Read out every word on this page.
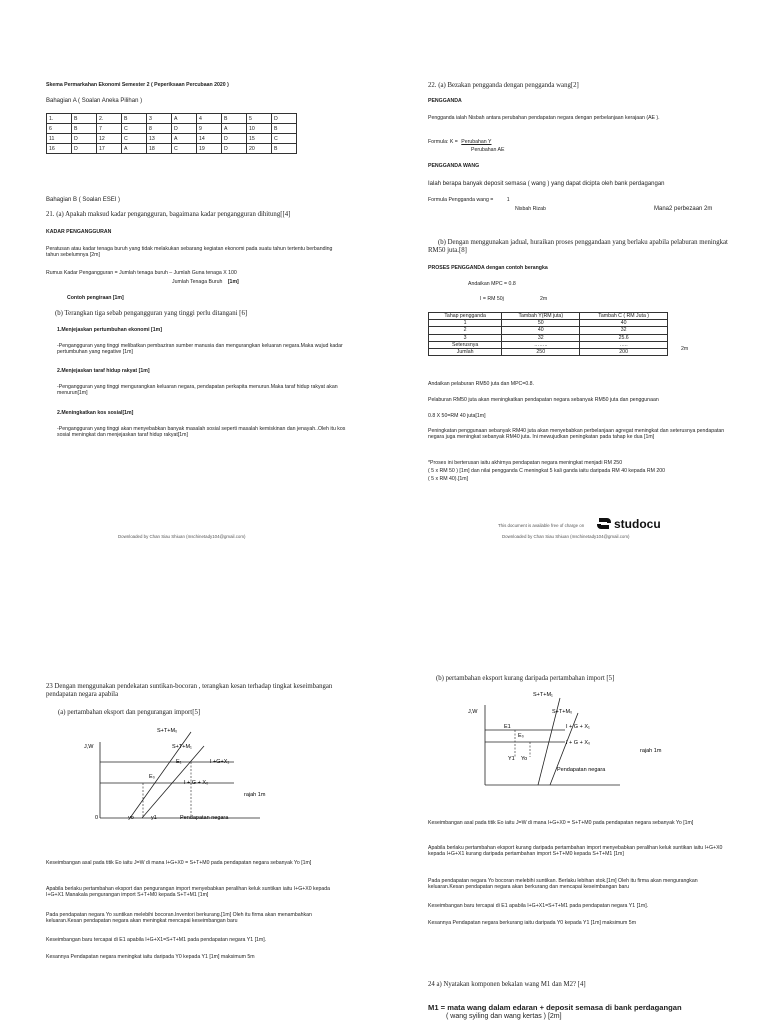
Skema Permarkahan Ekonomi Semester 2 ( Peperiksaan Percubaan 2020 )
Bahagian A ( Soalan Aneka Pilihan )
1.	B	2.	B	3	A	4	B	5	D
6	B	7	C	8	D	9	A	10	B
11	D	12	C	13	A	14	D	15	C
16	D	17	A	18	C	19	D	20	B
Bahagian B ( Soalan ESEI )
21. (a) Apakah maksud kadar pengangguran, bagaimana kadar pengangguran dihitung[[4]
KADAR PENGANGGURAN
Peratusan atau kadar tenaga buruh yang tidak melakukan sebarang kegiatan ekonomi pada suatu tahun tertentu berbanding tahun sebelumnya [2m]
Rumus Kadar Pengangguran = Jumlah tenaga buruh – Jumlah Guna tenaga X 100
Jumlah Tenaga Buruh [1m]
Contoh pengiraan [1m]
(b) Terangkan tiga sebab pengangguran yang tinggi perlu ditangani [6]
1.Menjejaskan pertumbuhan ekonomi [1m]
-Pengangguran yang tinggi melibatkan pembaziran sumber manusia dan mengurangkan keluaran negara.Maka wujud kadar pertumbuhan yang negative [1m]
2.Menjejaskan taraf hidup rakyat [1m]
-Pengangguran yang tinggi mengurangkan keluaran negara, pendapatan perkapita menurun.Maka taraf hidup rakyat akan menurun[1m]
2.Meningkatkan kos sosial[1m]
-Pengangguran yang tinggi akan menyebabkan banyak masalah sosial seperti masalah kemiskinan dan jenayah..Oleh itu kos sosial meningkat dan menjejaskan taraf hidup rakyat[1m]
Downloaded by Chan Siau Shiuan (mschinetady104@gmail.com)
22. (a) Bezakan pengganda dengan pengganda wang[2]
PENGGANDA
Pengganda ialah Nisbah antara perubahan pendapatan negara dengan perbelanjaan kerajaan (AE ).
Formula: K = Perubahan Y
Perubahan AE
PENGGANDA WANG
Ialah berapa banyak deposit semasa ( wang ) yang dapat dicipta oleh bank perdagangan
Formula Pengganda wang =	1
Nisbah Rizab	Mana2 perbezaan 2m
(b) Dengan menggunakan jadual, huraikan proses penggandaan yang berlaku apabila pelaburan meningkat RM50 juta.[8]
PROSES PENGGANDA dengan contoh berangka
Andaikan MPC = 0.8
I = RM 50j	2m
Tahap pengganda	Tambah Y(RM juta)	Tambah C ( RM Juta )
1	50	40
2	40	32
3	32	25.6
Seterusnya	……..	…..
Jumlah	250	200
2m
Andaikan pelaburan RM50 juta dan MPC=0.8.
Pelaburan RM50 juta akan meningkatkan pendapatan negara sebanyak RM50 juta dan penggunaan
0.8 X 50=RM 40 juta[1m]
Peningkatan penggunaan sebanyak RM40 juta akan menyebabkan perbelanjaan agregat meningkat dan seterusnya pendapatan negara juga meningkat sebanyak RM40 juta. Ini mewujudkan peningkatan pada tahap ke dua [1m]
*Proses ini berterusan iaitu akhirnya pendapatan negara meningkat menjadi RM 250
( 5 x RM 50 ) [1m] dan nilai pengganda C meningkat 5 kali ganda iaitu daripada RM 40 kepada RM 200
( 5 x RM 40).[1m]
This document is available free of charge on studocu
Downloaded by Chan Siau Shiuan (mschinetady104@gmail.com)
23 Dengan menggunakan pendekatan suntikan-bocoran , terangkan kesan terhadap tingkat keseimbangan pendapatan negara apabila
(a) pertambahan eksport dan pengurangan import[5]
S+T+M₀
J,W	S+T+M₁
E₁	I +G+X₁
E₀
I + G + X₀
rajah 1m
0	yo	y1	Pendapatan negara
Keseimbangan asal pada titik Eo iaitu J=W di mana I+G+X0 = S+T+M0 pada pendapatan negara sebanyak Yo [1m]
Apabila berlaku pertambahan eksport dan pengurangan import menyebabkan peralihan keluk suntikan iaitu I+G+X0 kepada I+G+X1 Manakala pengurangan import S+T+M0 kepada S+T+M1 [1m]
Pada pendapatan negara Yo suntikan melebihi bocoran.Inventori berkurang.[1m] Oleh itu firma akan menambahkan keluaran.Kesan pendapatan negara akan meningkat mencapai keseimbangan baru
Keseimbangan baru tercapai di E1 apabila I+G+X1=S+T+M1 pada pendapatan negara Y1 [1m].
Kesannya Pendapatan negara meningkat iaitu daripada Y0 kepada Y1 [1m] maksimum 5m
(b) pertambahan eksport kurang daripada pertambahan import [5]
S+T+M₁
J,W	S+T+M₀
E1	I + G + X₁
E₀
I + G + X₀
Y1 Yo
rajah 1m
Pendapatan negara
Keseimbangan asal pada titik Eo iaitu J=W di mana I+G+X0 = S+T+M0 pada pendapatan negara sebanyak Yo [1m]
Apabila berlaku pertambahan eksport kurang daripada pertambahan import menyebabkan peralihan keluk suntikan iaitu I+G+X0 kepada I+G+X1 kurang daripada pertambahan import S+T+M0 kepada S+T+M1 [1m]
Pada pendapatan negara Yo bocoran melebihi suntikan. Berlaku lebihan stok.[1m] Oleh itu firma akan mengurangkan keluaran.Kesan pendapatan negara akan berkurang dan mencapai keseimbangan baru
Keseimbangan baru tercapai di E1 apabila I+G+X1=S+T+M1 pada pendapatan negara Y1 [1m].
Kesannya Pendapatan negara berkurang iaitu daripada Y0 kepada Y1 [1m] maksimum 5m
24 a) Nyatakan komponen bekalan wang M1 dan M2? [4]
M1 = mata wang dalam edaran + deposit semasa di bank perdagangan
( wang syiling dan wang kertas ) [2m]
